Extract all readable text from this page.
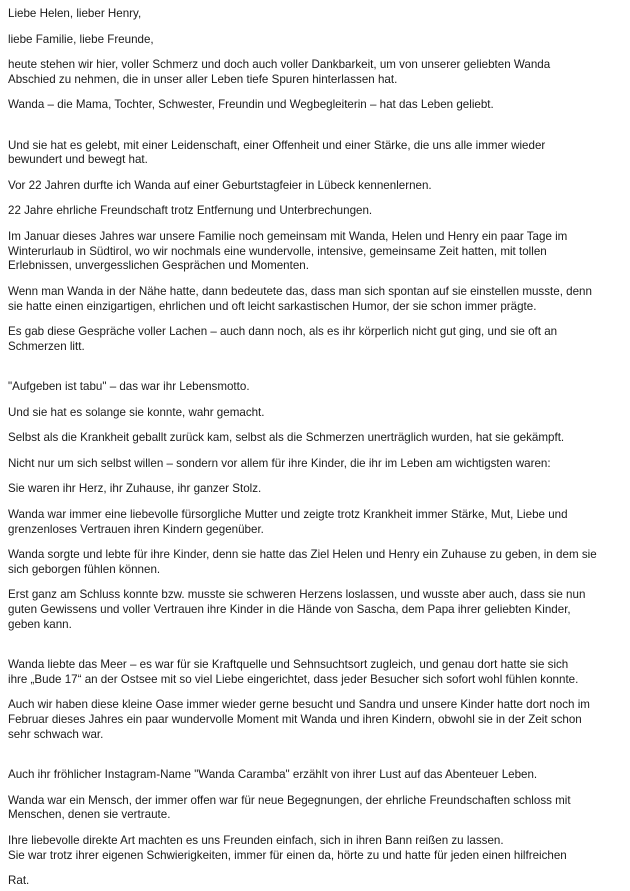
Liebe Helen, lieber Henry,

liebe Familie, liebe Freunde,

heute stehen wir hier, voller Schmerz und doch auch voller Dankbarkeit, um von unserer geliebten Wanda

Abschied zu nehmen, die in unser aller Leben tiefe Spuren hinterlassen hat.

Wanda – die Mama, Tochter, Schwester, Freundin und Wegbegleiterin – hat das Leben geliebt.

Und sie hat es gelebt, mit einer Leidenschaft, einer Offenheit und einer Stärke, die uns alle immer wieder

bewundert und bewegt hat.

Vor 22 Jahren durfte ich Wanda auf einer Geburtstagfeier in Lübeck kennenlernen.

22 Jahre ehrliche Freundschaft trotz Entfernung und Unterbrechungen.

Im Januar dieses Jahres war unsere Familie noch gemeinsam mit Wanda, Helen und Henry ein paar Tage im

Winterurlaub in Südtirol, wo wir nochmals eine wundervolle, intensive, gemeinsame Zeit hatten, mit tollen

Erlebnissen, unvergesslichen Gesprächen und Momenten.

Wenn man Wanda in der Nähe hatte, dann bedeutete das, dass man sich spontan auf sie einstellen musste, denn

sie hatte einen einzigartigen, ehrlichen und oft leicht sarkastischen Humor, der sie schon immer prägte.

Es gab diese Gespräche voller Lachen – auch dann noch, als es ihr körperlich nicht gut ging, und sie oft an

Schmerzen litt.

"Aufgeben ist tabu" – das war ihr Lebensmotto.

Und sie hat es solange sie konnte, wahr gemacht.

Selbst als die Krankheit geballt zurück kam, selbst als die Schmerzen unerträglich wurden, hat sie gekämpft.

Nicht nur um sich selbst willen – sondern vor allem für ihre Kinder, die ihr im Leben am wichtigsten waren:

Sie waren ihr Herz, ihr Zuhause, ihr ganzer Stolz.

Wanda war immer eine liebevolle fürsorgliche Mutter und zeigte trotz Krankheit immer Stärke, Mut, Liebe und

grenzenloses Vertrauen ihren Kindern gegenüber.

Wanda sorgte und lebte für ihre Kinder, denn sie hatte das Ziel Helen und Henry ein Zuhause zu geben, in dem sie

sich geborgen fühlen können.

Erst ganz am Schluss konnte bzw. musste sie schweren Herzens loslassen, und wusste aber auch, dass sie nun

guten Gewissens und voller Vertrauen ihre Kinder in die Hände von Sascha, dem Papa ihrer geliebten Kinder,

geben kann.

Wanda liebte das Meer – es war für sie Kraftquelle und Sehnsuchtsort zugleich, und genau dort hatte sie sich

ihre „Bude 17“ an der Ostsee mit so viel Liebe eingerichtet, dass jeder Besucher sich sofort wohl fühlen konnte.

Auch wir haben diese kleine Oase immer wieder gerne besucht und Sandra und unsere Kinder hatte dort noch im

Februar dieses Jahres ein paar wundervolle Moment mit Wanda und ihren Kindern, obwohl sie in der Zeit schon

sehr schwach war.

Auch ihr fröhlicher Instagram-Name "Wanda Caramba" erzählt von ihrer Lust auf das Abenteuer Leben.

Wanda war ein Mensch, der immer offen war für neue Begegnungen, der ehrliche Freundschaften schloss mit

Menschen, denen sie vertraute.

Ihre liebevolle direkte Art machten es uns Freunden einfach, sich in ihren Bann reißen zu lassen.

Sie war trotz ihrer eigenen Schwierigkeiten, immer für einen da, hörte zu und hatte für jeden einen hilfreichen

Rat.
